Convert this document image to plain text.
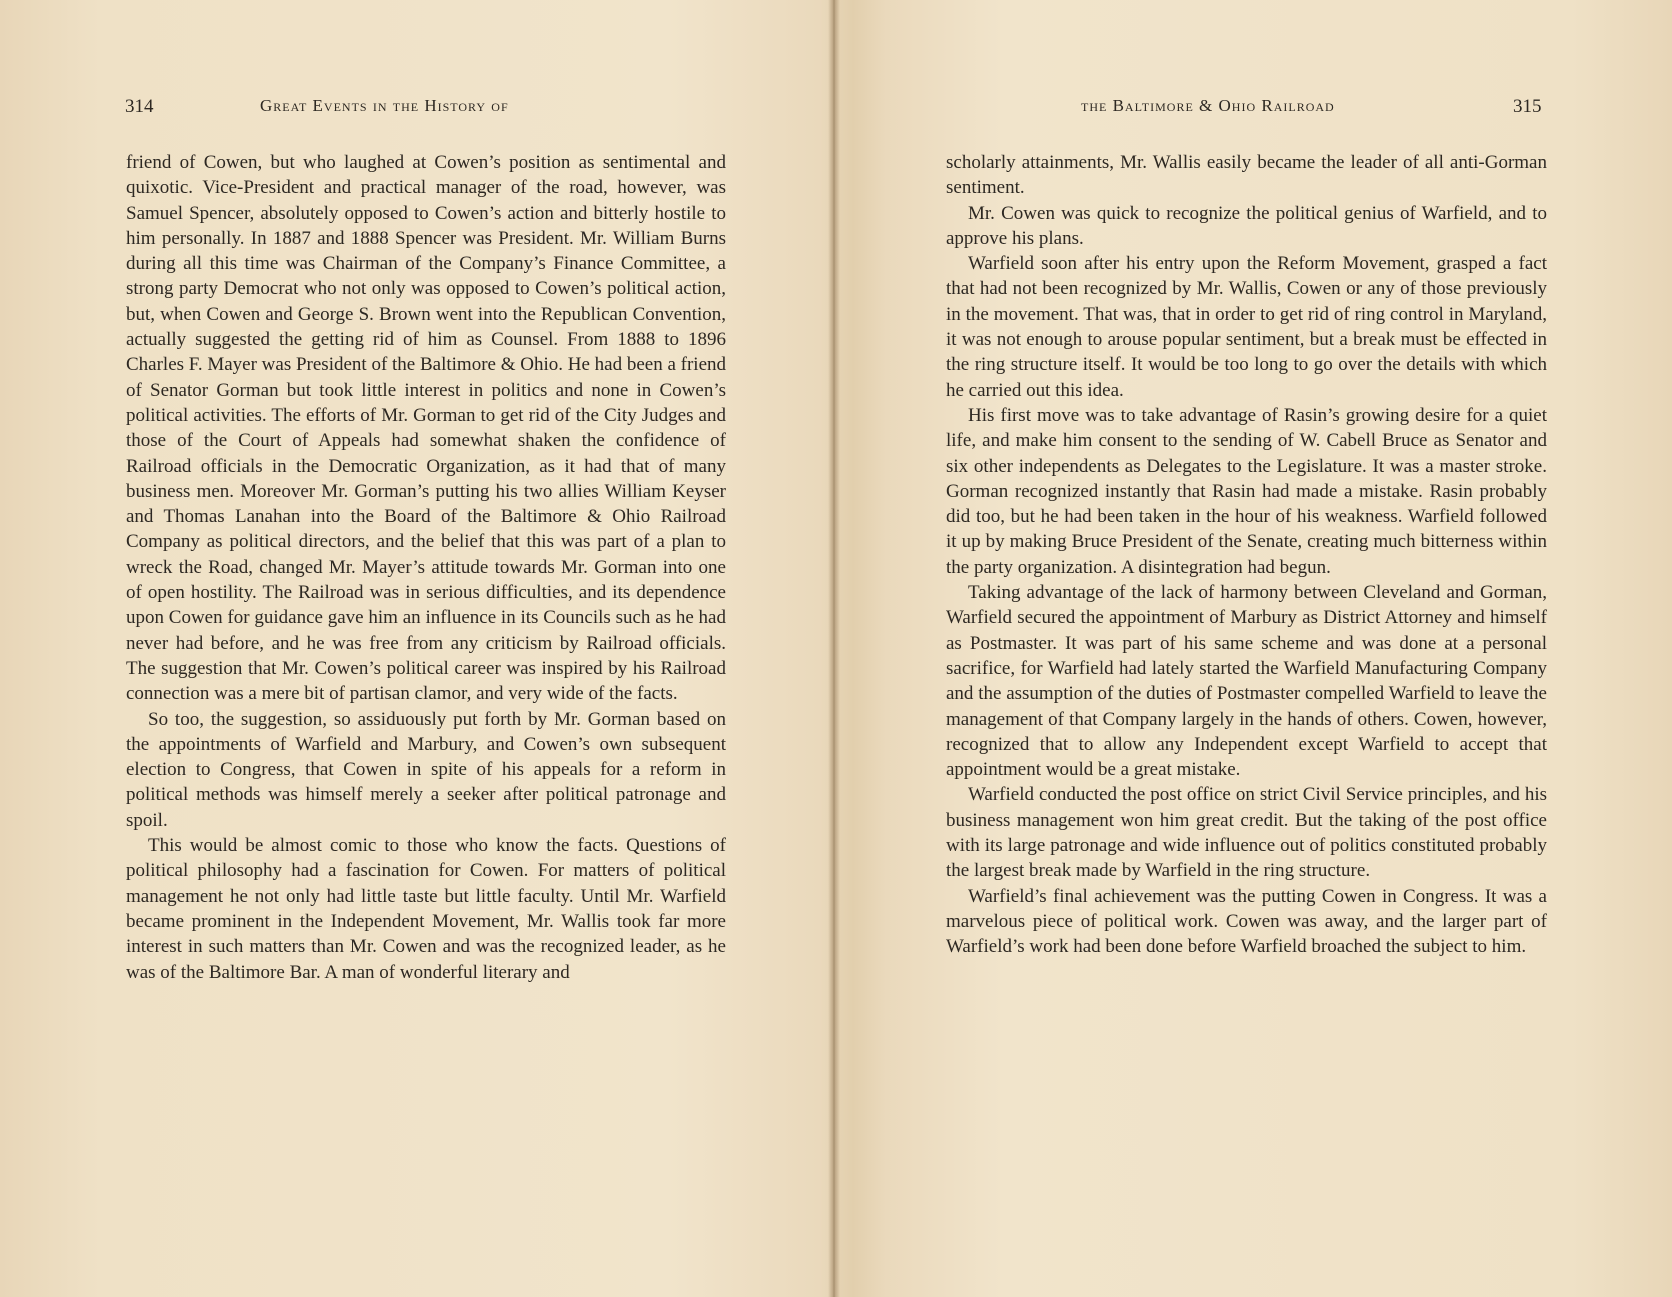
314	Great Events in the History of

friend of Cowen, but who laughed at Cowen’s position as sentimental and quixotic. Vice-President and practical manager of the road, however, was Samuel Spencer, absolutely opposed to Cowen’s action and bitterly hostile to him personally. In 1887 and 1888 Spencer was President. Mr. William Burns during all this time was Chairman of the Company’s Finance Committee, a strong party Democrat who not only was opposed to Cowen’s political action, but, when Cowen and George S. Brown went into the Republican Convention, actually suggested the getting rid of him as Counsel. From 1888 to 1896 Charles F. Mayer was President of the Baltimore & Ohio. He had been a friend of Senator Gorman but took little interest in politics and none in Cowen’s political activities. The efforts of Mr. Gorman to get rid of the City Judges and those of the Court of Appeals had somewhat shaken the confidence of Railroad officials in the Democratic Organization, as it had that of many business men. Moreover Mr. Gorman’s putting his two allies William Keyser and Thomas Lanahan into the Board of the Baltimore & Ohio Railroad Company as political directors, and the belief that this was part of a plan to wreck the Road, changed Mr. Mayer’s attitude towards Mr. Gorman into one of open hostility. The Railroad was in serious difficulties, and its dependence upon Cowen for guidance gave him an influence in its Councils such as he had never had before, and he was free from any criticism by Railroad officials. The suggestion that Mr. Cowen’s political career was inspired by his Railroad connection was a mere bit of partisan clamor, and very wide of the facts.

So too, the suggestion, so assiduously put forth by Mr. Gorman based on the appointments of Warfield and Marbury, and Cowen’s own subsequent election to Congress, that Cowen in spite of his appeals for a reform in political methods was himself merely a seeker after political patronage and spoil.

This would be almost comic to those who know the facts. Questions of political philosophy had a fascination for Cowen. For matters of political management he not only had little taste but little faculty. Until Mr. Warfield became prominent in the Independent Movement, Mr. Wallis took far more interest in such matters than Mr. Cowen and was the recognized leader, as he was of the Baltimore Bar. A man of wonderful literary and

the Baltimore & Ohio Railroad	315

scholarly attainments, Mr. Wallis easily became the leader of all anti-Gorman sentiment.

Mr. Cowen was quick to recognize the political genius of Warfield, and to approve his plans.

Warfield soon after his entry upon the Reform Movement, grasped a fact that had not been recognized by Mr. Wallis, Cowen or any of those previously in the movement. That was, that in order to get rid of ring control in Maryland, it was not enough to arouse popular sentiment, but a break must be effected in the ring structure itself. It would be too long to go over the details with which he carried out this idea.

His first move was to take advantage of Rasin’s growing desire for a quiet life, and make him consent to the sending of W. Cabell Bruce as Senator and six other independents as Delegates to the Legislature. It was a master stroke. Gorman recognized instantly that Rasin had made a mistake. Rasin probably did too, but he had been taken in the hour of his weakness. Warfield followed it up by making Bruce President of the Senate, creating much bitterness within the party organization. A disintegration had begun.

Taking advantage of the lack of harmony between Cleveland and Gorman, Warfield secured the appointment of Marbury as District Attorney and himself as Postmaster. It was part of his same scheme and was done at a personal sacrifice, for Warfield had lately started the Warfield Manufacturing Company and the assumption of the duties of Postmaster compelled Warfield to leave the management of that Company largely in the hands of others. Cowen, however, recognized that to allow any Independent except Warfield to accept that appointment would be a great mistake.

Warfield conducted the post office on strict Civil Service principles, and his business management won him great credit. But the taking of the post office with its large patronage and wide influence out of politics constituted probably the largest break made by Warfield in the ring structure.

Warfield’s final achievement was the putting Cowen in Congress. It was a marvelous piece of political work. Cowen was away, and the larger part of Warfield’s work had been done before Warfield broached the subject to him.
